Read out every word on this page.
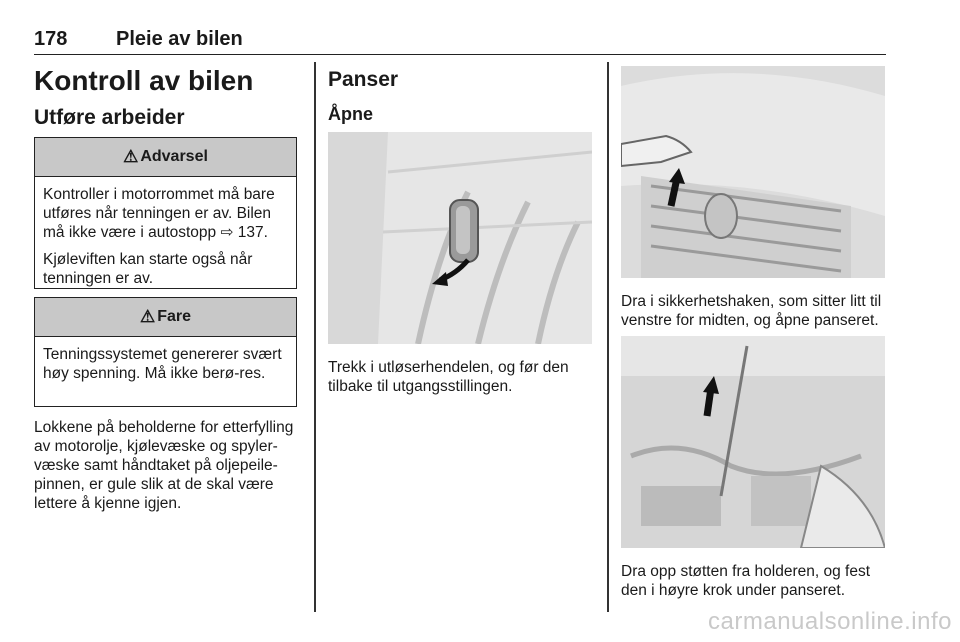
178 Pleie av bilen
Kontroll av bilen
Utføre arbeider
⚠ Advarsel

Kontroller i motorrommet må bare utføres når tenningen er av. Bilen må ikke være i autostopp ⇨ 137.

Kjøleviften kan starte også når tenningen er av.

⚠ Fare

Tenningssystemet genererer svært høy spenning. Må ikke berø-res.

Lokkene på beholderne for etterfylling av motorolje, kjølevæske og spyler-væske samt håndtaket på oljepeile-pinnen, er gule slik at de skal være lettere å kjenne igjen.

Panser
Åpne

Trekk i utløserhendelen, og før den tilbake til utgangsstillingen.

Dra i sikkerhetshaken, som sitter litt til venstre for midten, og åpne panseret.

Dra opp støtten fra holderen, og fest den i høyre krok under panseret.

carmanualsonline.info
